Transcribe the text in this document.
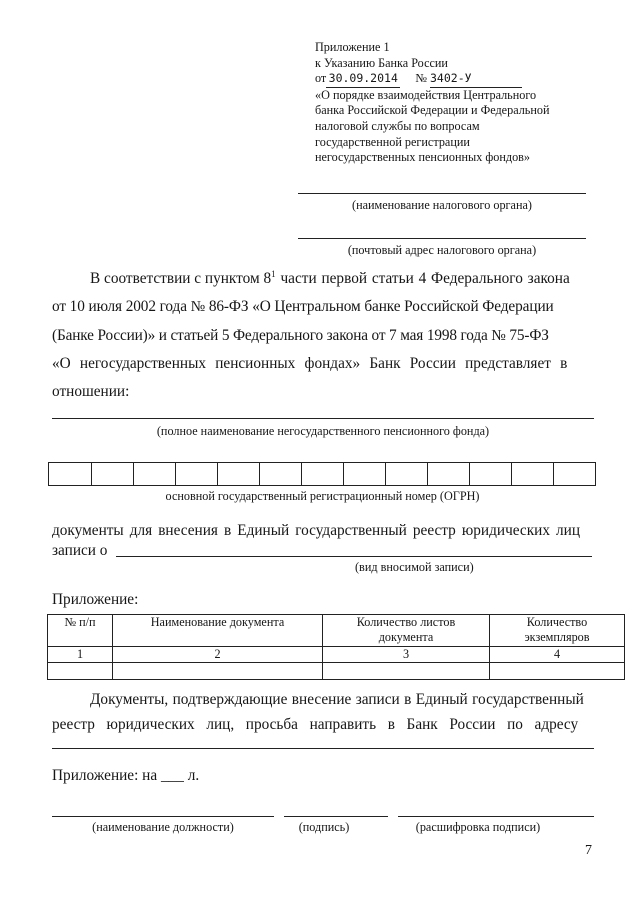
Приложение 1
к Указанию Банка России
от 30.09.2014 № 3402-У
«О порядке взаимодействия Центрального
банка Российской Федерации и Федеральной
налоговой службы по вопросам
государственной регистрации
негосударственных пенсионных фондов»
(наименование налогового органа)
(почтовый адрес налогового органа)
В соответствии с пунктом $8^1$ части первой статьи 4 Федерального закона
от 10 июля 2002 года № 86-ФЗ «О Центральном банке Российской Федерации
(Банке России)» и статьей 5 Федерального закона от 7 мая 1998 года № 75-ФЗ
«О негосударственных пенсионных фондах» Банк России представляет в
отношении:
(полное наименование негосударственного пенсионного фонда)
основной государственный регистрационный номер (ОГРН)
документы для внесения в Единый государственный реестр юридических лиц
записи о
(вид вносимой записи)
Приложение:
№ п/п	Наименование документа	Количество листов документа	Количество экземпляров
1	2	3	4

Документы, подтверждающие внесение записи в Единый государственный
реестр юридических лиц, просьба направить в Банк России по адресу
Приложение: на ___ л.
(наименование должности)	(подпись)	(расшифровка подписи)
7
